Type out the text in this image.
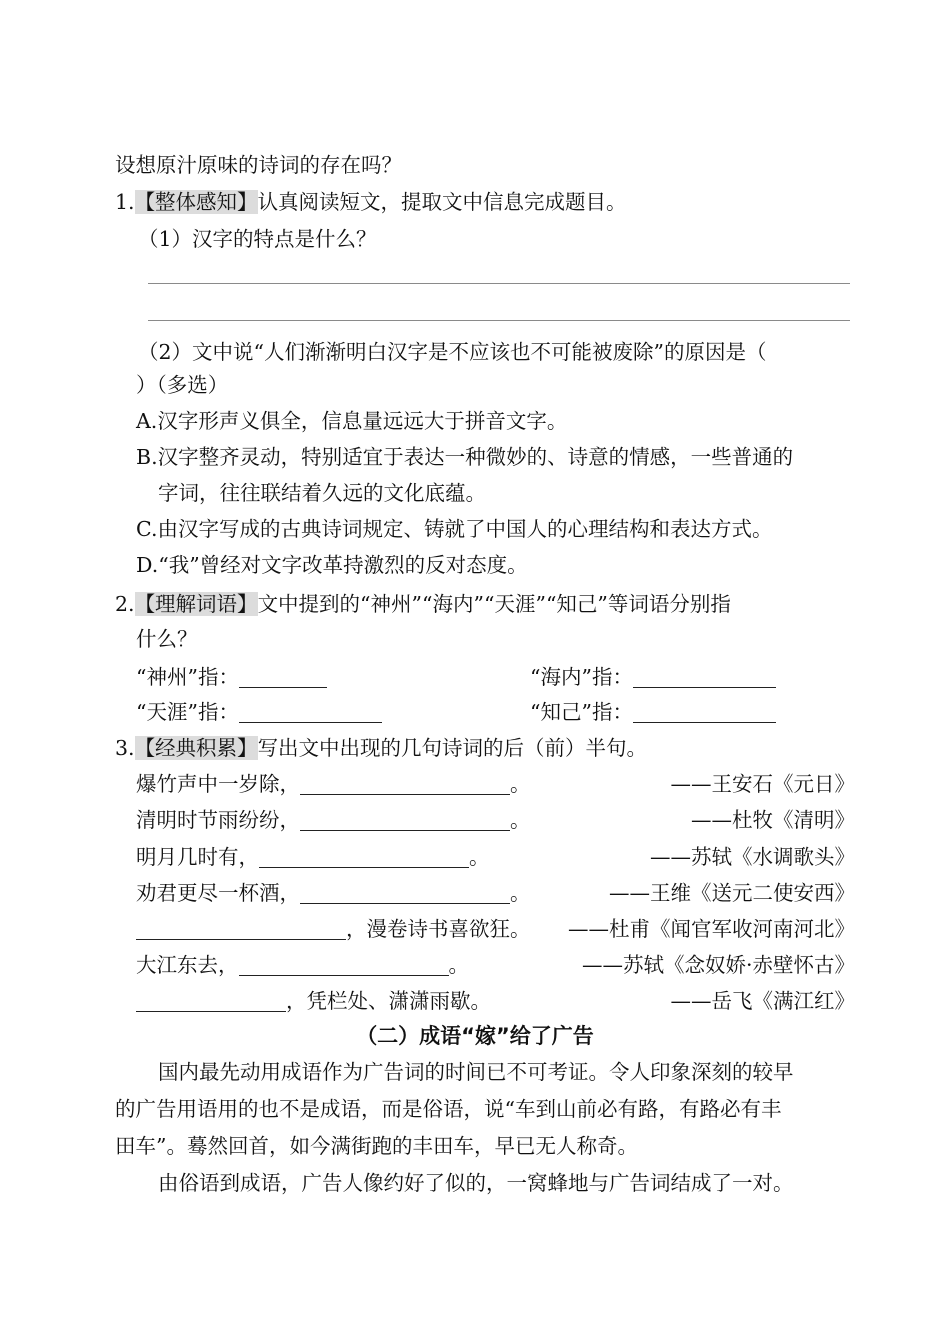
设想原汁原味的诗词的存在吗？
1.【整体感知】认真阅读短文，提取文中信息完成题目。
（1）汉字的特点是什么？
（2）文中说“人们渐渐明白汉字是不应该也不可能被废除”的原因是（
）（多选）
A.汉字形声义俱全，信息量远远大于拼音文字。
B.汉字整齐灵动，特别适宜于表达一种微妙的、诗意的情感，一些普通的
字词，往往联结着久远的文化底蕴。
C.由汉字写成的古典诗词规定、铸就了中国人的心理结构和表达方式。
D.“我”曾经对文字改革持激烈的反对态度。
2.【理解词语】文中提到的“神州”“海内”“天涯”“知己”等词语分别指
什么？
“神州”指：	“海内”指：
“天涯”指：	“知己”指：
3.【经典积累】写出文中出现的几句诗词的后（前）半句。
爆竹声中一岁除，	。	——王安石《元日》
清明时节雨纷纷，	。	——杜牧《清明》
明月几时有，	。	——苏轼《水调歌头》
劝君更尽一杯酒，	。	——王维《送元二使安西》
，漫卷诗书喜欲狂。 ——杜甫《闻官军收河南河北》
大江东去，	。	——苏轼《念奴娇·赤壁怀古》
，凭栏处、潇潇雨歇。	——岳飞《满江红》
（二）成语“嫁”给了广告
国内最先动用成语作为广告词的时间已不可考证。令人印象深刻的较早
的广告用语用的也不是成语，而是俗语，说“车到山前必有路，有路必有丰
田车”。蓦然回首，如今满街跑的丰田车，早已无人称奇。
由俗语到成语，广告人像约好了似的，一窝蜂地与广告词结成了一对。
